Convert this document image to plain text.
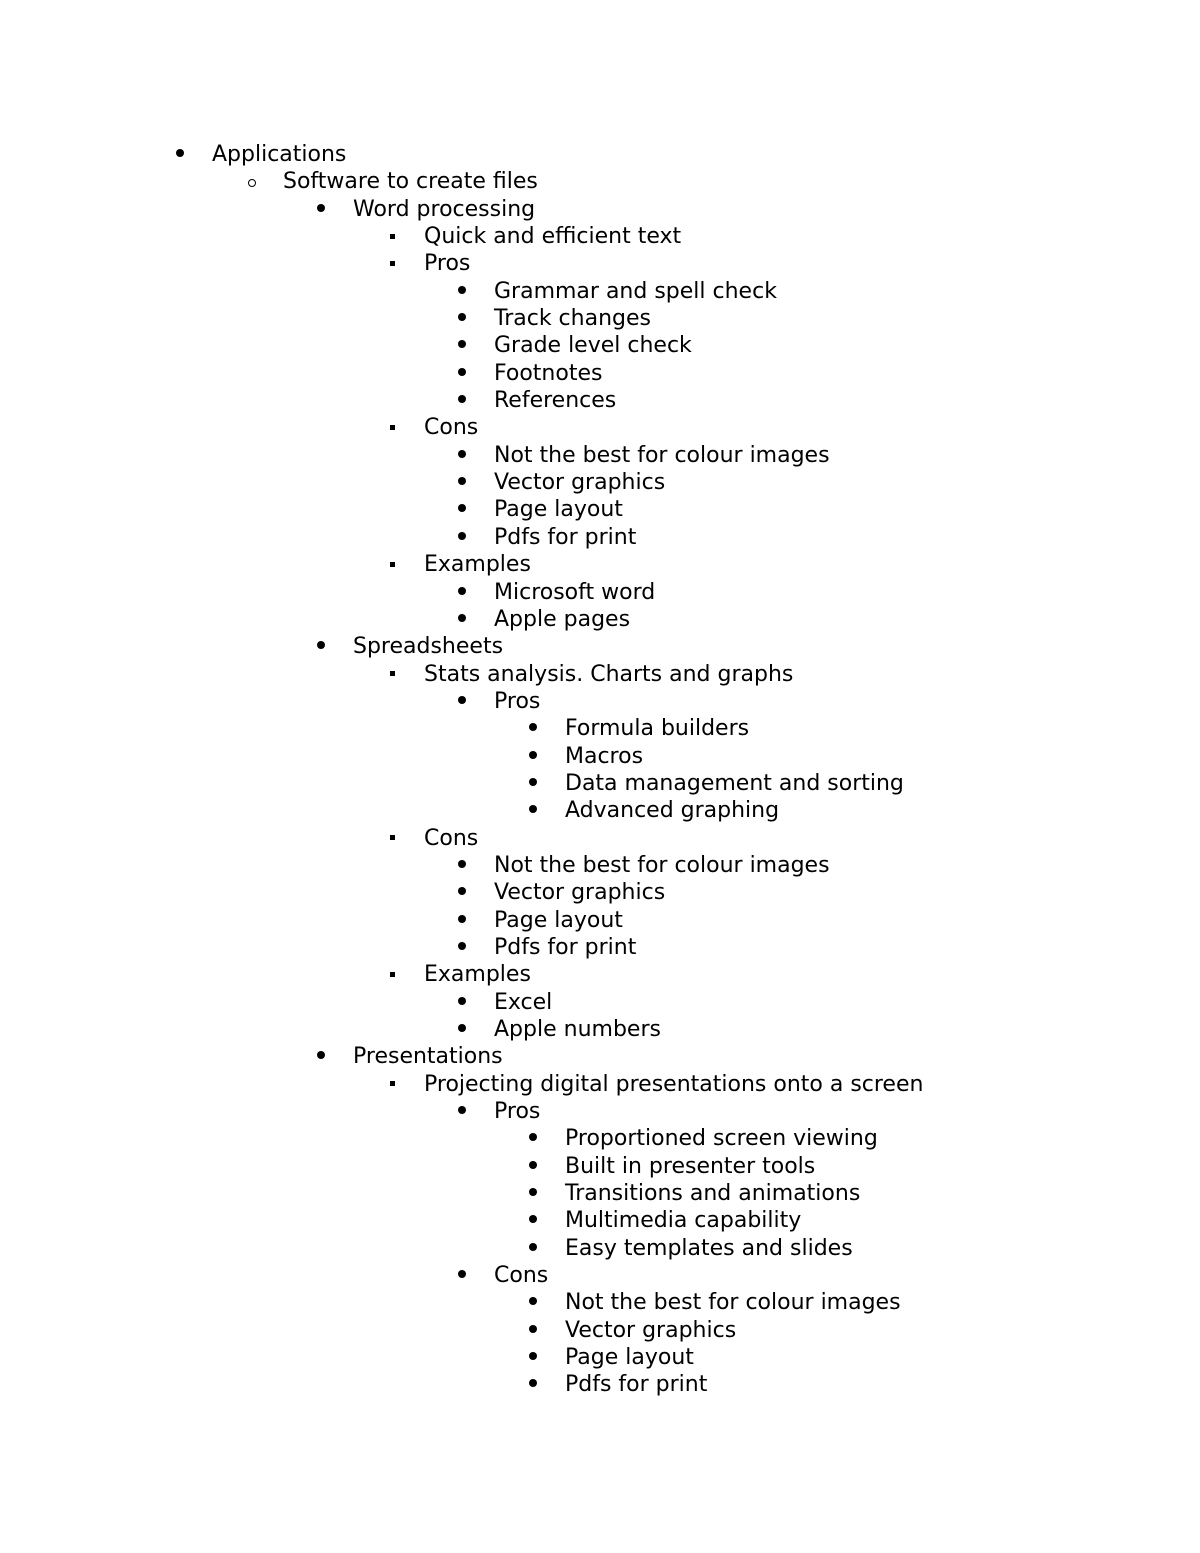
Applications
Software to create files
Word processing
Quick and efficient text
Pros
Grammar and spell check
Track changes
Grade level check
Footnotes
References
Cons
Not the best for colour images
Vector graphics
Page layout
Pdfs for print
Examples
Microsoft word
Apple pages
Spreadsheets
Stats analysis. Charts and graphs
Pros
Formula builders
Macros
Data management and sorting
Advanced graphing
Cons
Not the best for colour images
Vector graphics
Page layout
Pdfs for print
Examples
Excel
Apple numbers
Presentations
Projecting digital presentations onto a screen
Pros
Proportioned screen viewing
Built in presenter tools
Transitions and animations
Multimedia capability
Easy templates and slides
Cons
Not the best for colour images
Vector graphics
Page layout
Pdfs for print
